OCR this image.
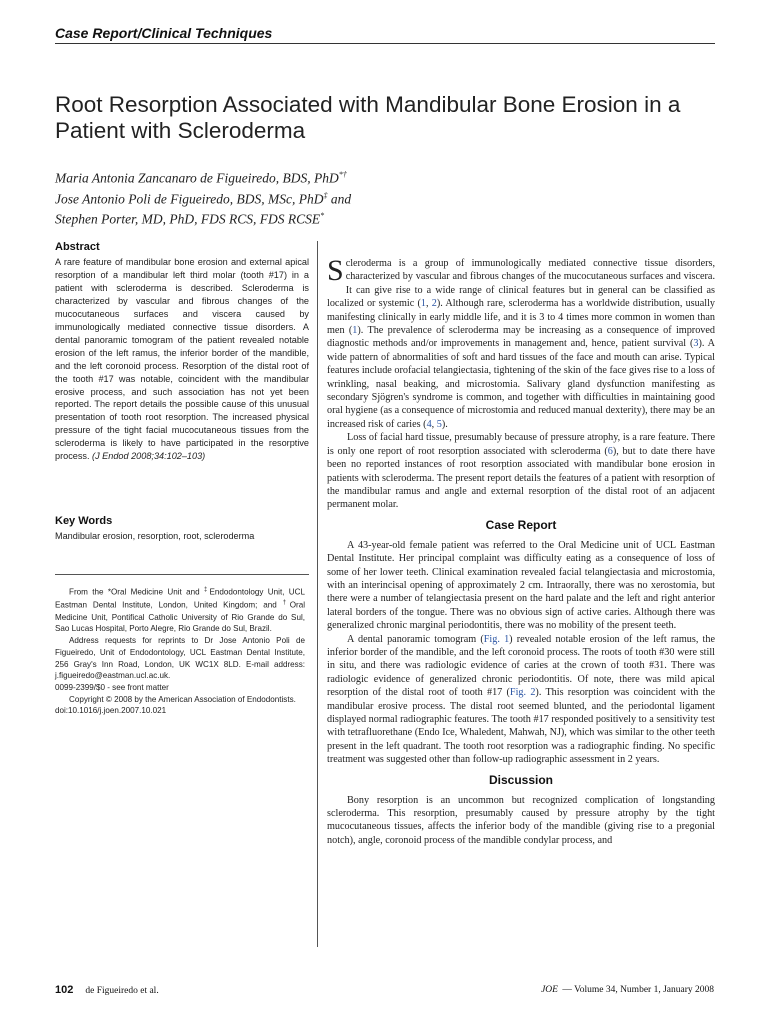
Case Report/Clinical Techniques
Root Resorption Associated with Mandibular Bone Erosion in a Patient with Scleroderma
Maria Antonia Zancanaro de Figueiredo, BDS, PhD*†
Jose Antonio Poli de Figueiredo, BDS, MSc, PhD‡ and
Stephen Porter, MD, PhD, FDS RCS, FDS RCSE*
Abstract
A rare feature of mandibular bone erosion and external apical resorption of a mandibular left third molar (tooth #17) in a patient with scleroderma is described. Scleroderma is characterized by vascular and fibrous changes of the mucocutaneous surfaces and viscera caused by immunologically mediated connective tissue disorders. A dental panoramic tomogram of the patient revealed notable erosion of the left ramus, the inferior border of the mandible, and the left coronoid process. Resorption of the distal root of the tooth #17 was notable, coincident with the mandibular erosive process, and such association has not yet been reported. The report details the possible cause of this unusual presentation of tooth root resorption. The increased physical pressure of the tight facial mucocutaneous tissues from the scleroderma is likely to have participated in the resorptive process. (J Endod 2008;34:102–103)
Key Words
Mandibular erosion, resorption, root, scleroderma

From the *Oral Medicine Unit and ‡Endodontology Unit, UCL Eastman Dental Institute, London, United Kingdom; and †Oral Medicine Unit, Pontifical Catholic University of Rio Grande do Sul, Sao Lucas Hospital, Porto Alegre, Rio Grande do Sul, Brazil.

Address requests for reprints to Dr Jose Antonio Poli de Figueiredo, Unit of Endodontology, UCL Eastman Dental Institute, 256 Gray's Inn Road, London, UK WC1X 8LD. E-mail address: j.figueiredo@eastman.ucl.ac.uk.

0099-2399/$0 - see front matter

Copyright © 2008 by the American Association of Endodontists.

doi:10.1016/j.joen.2007.10.021

Scleroderma is a group of immunologically mediated connective tissue disorders, characterized by vascular and fibrous changes of the mucocutaneous surfaces and viscera. It can give rise to a wide range of clinical features but in general can be classified as localized or systemic (1, 2). Although rare, scleroderma has a worldwide distribution, usually manifesting clinically in early middle life, and it is 3 to 4 times more common in women than men (1). The prevalence of scleroderma may be increasing as a consequence of improved diagnostic methods and/or improvements in management and, hence, patient survival (3). A wide pattern of abnormalities of soft and hard tissues of the face and mouth can arise. Typical features include orofacial telangiectasia, tightening of the skin of the face gives rise to a loss of wrinkling, nasal beaking, and microstomia. Salivary gland dysfunction manifesting as secondary Sjögren's syndrome is common, and together with difficulties in maintaining good oral hygiene (as a consequence of microstomia and reduced manual dexterity), there may be an increased risk of caries (4, 5).

Loss of facial hard tissue, presumably because of pressure atrophy, is a rare feature. There is only one report of root resorption associated with scleroderma (6), but to date there have been no reported instances of root resorption associated with mandibular bone erosion in patients with scleroderma. The present report details the features of a patient with resorption of the mandibular ramus and angle and external resorption of the distal root of an adjacent permanent molar.

Case Report

A 43-year-old female patient was referred to the Oral Medicine unit of UCL Eastman Dental Institute. Her principal complaint was difficulty eating as a consequence of loss of some of her lower teeth. Clinical examination revealed facial telangiectasia and microstomia, with an interincisal opening of approximately 2 cm. Intraorally, there was no xerostomia, but there were a number of telangiectasia present on the hard palate and the left and right anterior lateral borders of the tongue. There was no obvious sign of active caries. Although there was generalized chronic marginal periodontitis, there was no mobility of the present teeth.

A dental panoramic tomogram (Fig. 1) revealed notable erosion of the left ramus, the inferior border of the mandible, and the left coronoid process. The roots of tooth #30 were still in situ, and there was radiologic evidence of caries at the crown of tooth #31. There was radiologic evidence of generalized chronic periodontitis. Of note, there was mild apical resorption of the distal root of tooth #17 (Fig. 2). This resorption was coincident with the mandibular erosive process. The distal root seemed blunted, and the periodontal ligament displayed normal radiographic features. The tooth #17 responded positively to a sensitivity test with tetrafluorethane (Endo Ice, Whaledent, Mahwah, NJ), which was similar to the other teeth present in the left quadrant. The tooth root resorption was a radiographic finding. No specific treatment was suggested other than follow-up radiographic assessment in 2 years.

Discussion

Bony resorption is an uncommon but recognized complication of longstanding scleroderma. This resorption, presumably caused by pressure atrophy by the tight mucocutaneous tissues, affects the inferior body of the mandible (giving rise to a pregonial notch), angle, coronoid process of the mandible condylar process, and

102 de Figueiredo et al.	JOE — Volume 34, Number 1, January 2008
